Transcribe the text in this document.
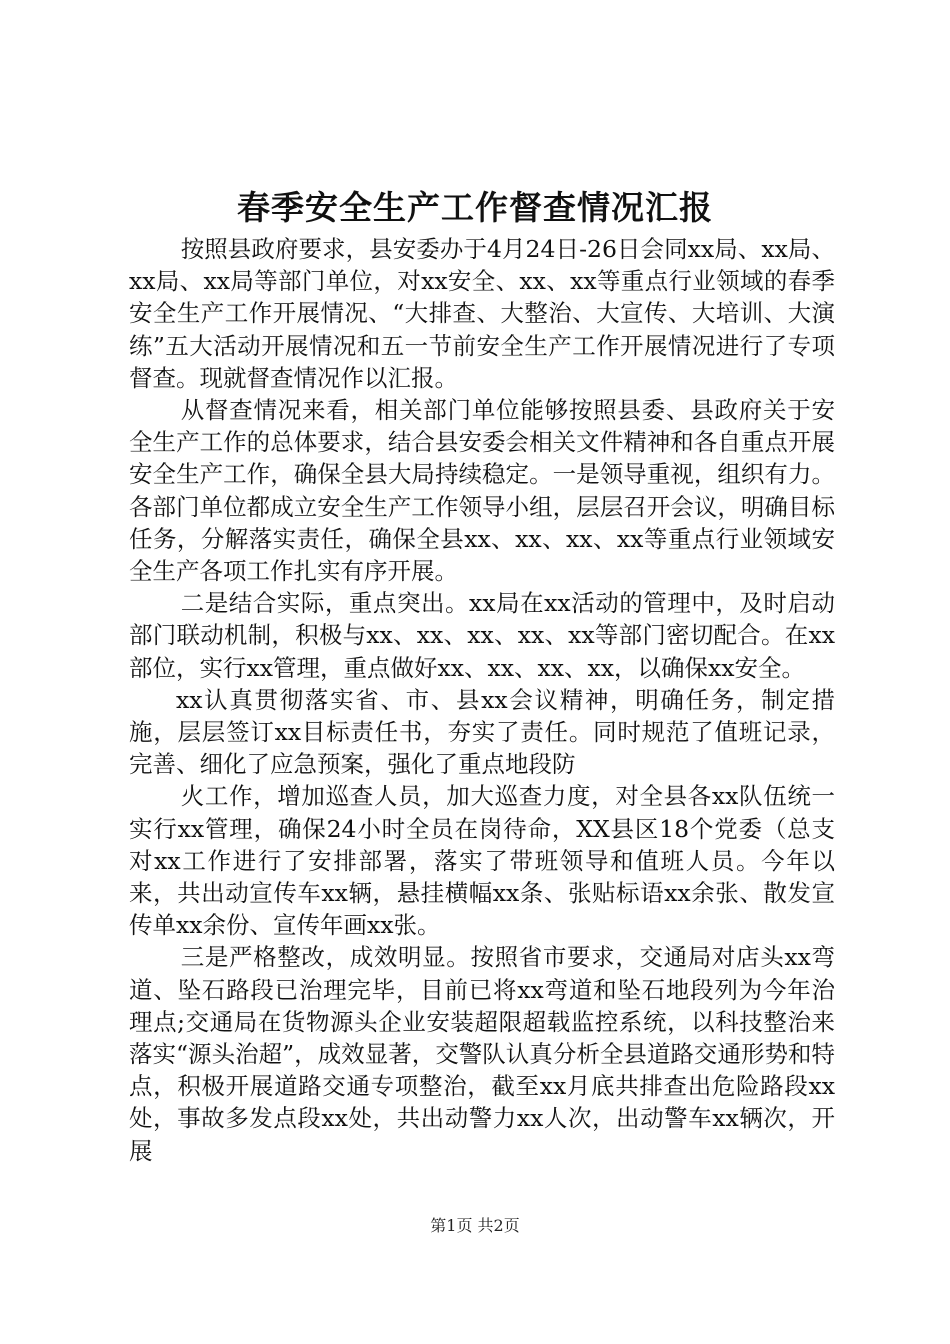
春季安全生产工作督查情况汇报

按照县政府要求，县安委办于4月24日-26日会同xx局、xx局、xx局、xx局等部门单位，对xx安全、xx、xx等重点行业领域的春季安全生产工作开展情况、“大排查、大整治、大宣传、大培训、大演练”五大活动开展情况和五一节前安全生产工作开展情况进行了专项督查。现就督查情况作以汇报。

从督查情况来看，相关部门单位能够按照县委、县政府关于安全生产工作的总体要求，结合县安委会相关文件精神和各自重点开展安全生产工作，确保全县大局持续稳定。一是领导重视，组织有力。各部门单位都成立安全生产工作领导小组，层层召开会议，明确目标任务，分解落实责任，确保全县xx、xx、xx、xx等重点行业领域安全生产各项工作扎实有序开展。

二是结合实际，重点突出。xx局在xx活动的管理中，及时启动部门联动机制，积极与xx、xx、xx、xx、xx等部门密切配合。在xx部位，实行xx管理，重点做好xx、xx、xx、xx，以确保xx安全。

xx认真贯彻落实省、市、县xx会议精神，明确任务，制定措施，层层签订xx目标责任书，夯实了责任。同时规范了值班记录，完善、细化了应急预案，强化了重点地段防

火工作，增加巡查人员，加大巡查力度，对全县各xx队伍统一实行xx管理，确保24小时全员在岗待命，XX县区18个党委（总支对xx工作进行了安排部署，落实了带班领导和值班人员。今年以来，共出动宣传车xx辆，悬挂横幅xx条、张贴标语xx余张、散发宣传单xx余份、宣传年画xx张。

三是严格整改，成效明显。按照省市要求，交通局对店头xx弯道、坠石路段已治理完毕，目前已将xx弯道和坠石地段列为今年治理点;交通局在货物源头企业安装超限超载监控系统，以科技整治来落实“源头治超”，成效显著，交警队认真分析全县道路交通形势和特点，积极开展道路交通专项整治，截至xx月底共排查出危险路段xx处，事故多发点段xx处，共出动警力xx人次，出动警车xx辆次，开展

第1页 共2页
